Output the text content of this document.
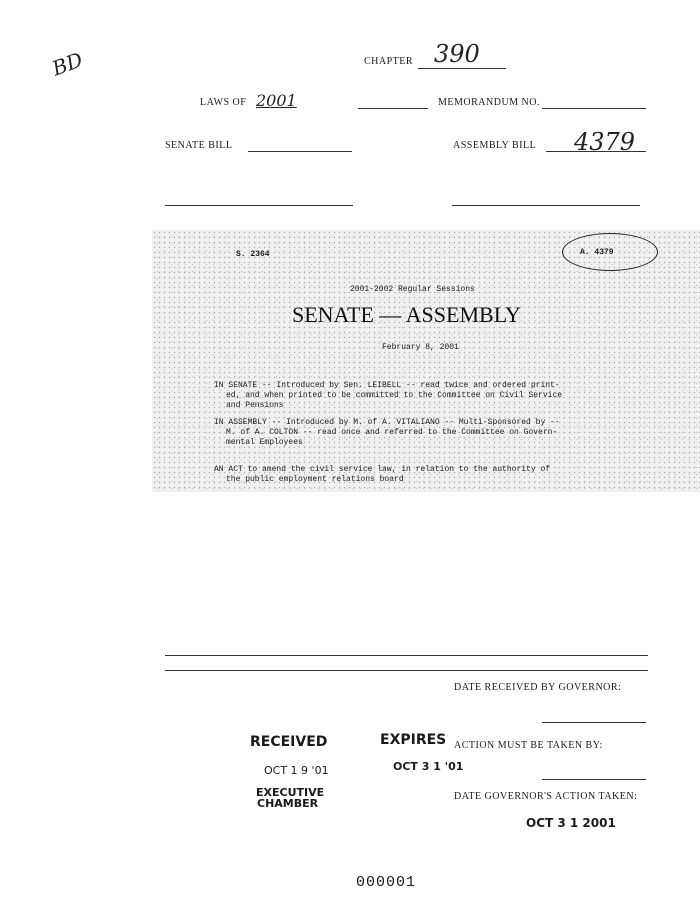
BD	CHAPTER 390
LAWS OF 2001	MEMORANDUM NO.
SENATE BILL	ASSEMBLY BILL 4379
S. 2364	A. 4379
2001-2002 Regular Sessions
SENATE — ASSEMBLY
February 8, 2001
IN SENATE -- Introduced by Sen. LEIBELL -- read twice and ordered print-
ed, and when printed to be committed to the Committee on Civil Service
and Pensions
IN ASSEMBLY -- Introduced by M. of A. VITALIANO -- Multi-Sponsored by --
M. of A. COLTON -- read once and referred to the Committee on Govern-
mental Employees
AN ACT to amend the civil service law, in relation to the authority of
the public employment relations board
DATE RECEIVED BY GOVERNOR:
ACTION MUST BE TAKEN BY:
DATE GOVERNOR'S ACTION TAKEN:
OCT 3 1 2001
RECEIVED
OCT 1 9 '01
EXECUTIVE
CHAMBER
EXPIRES
OCT 3 1 '01
000001
